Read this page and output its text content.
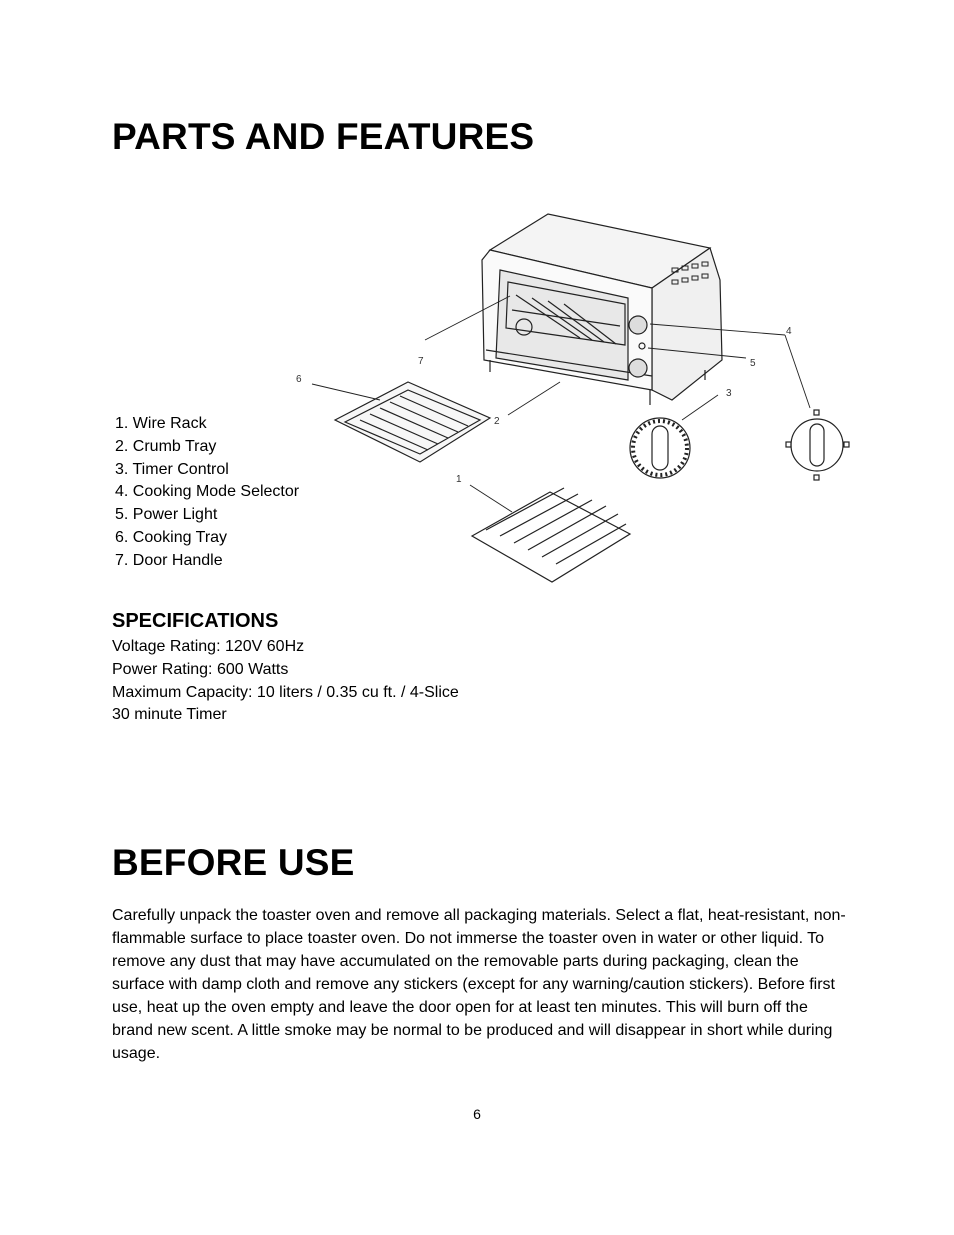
PARTS AND FEATURES
6
7
2
3
5
4
1
1. Wire Rack
2. Crumb Tray
3. Timer Control
4. Cooking Mode Selector
5. Power Light
6. Cooking Tray
7. Door Handle
SPECIFICATIONS
Voltage Rating: 120V 60Hz
Power Rating: 600 Watts
Maximum Capacity: 10 liters / 0.35 cu ft. / 4-Slice
30 minute Timer
BEFORE USE

Carefully unpack the toaster oven and remove all packaging materials. Select a flat, heat-resistant, non-flammable surface to place toaster oven. Do not immerse the toaster oven in water or other liquid. To remove any dust that may have accumulated on the removable parts during packaging, clean the surface with damp cloth and remove any stickers (except for any warning/caution stickers). Before first use, heat up the oven empty and leave the door open for at least ten minutes. This will burn off the brand new scent. A little smoke may be normal to be produced and will disappear in short while during usage.

6
